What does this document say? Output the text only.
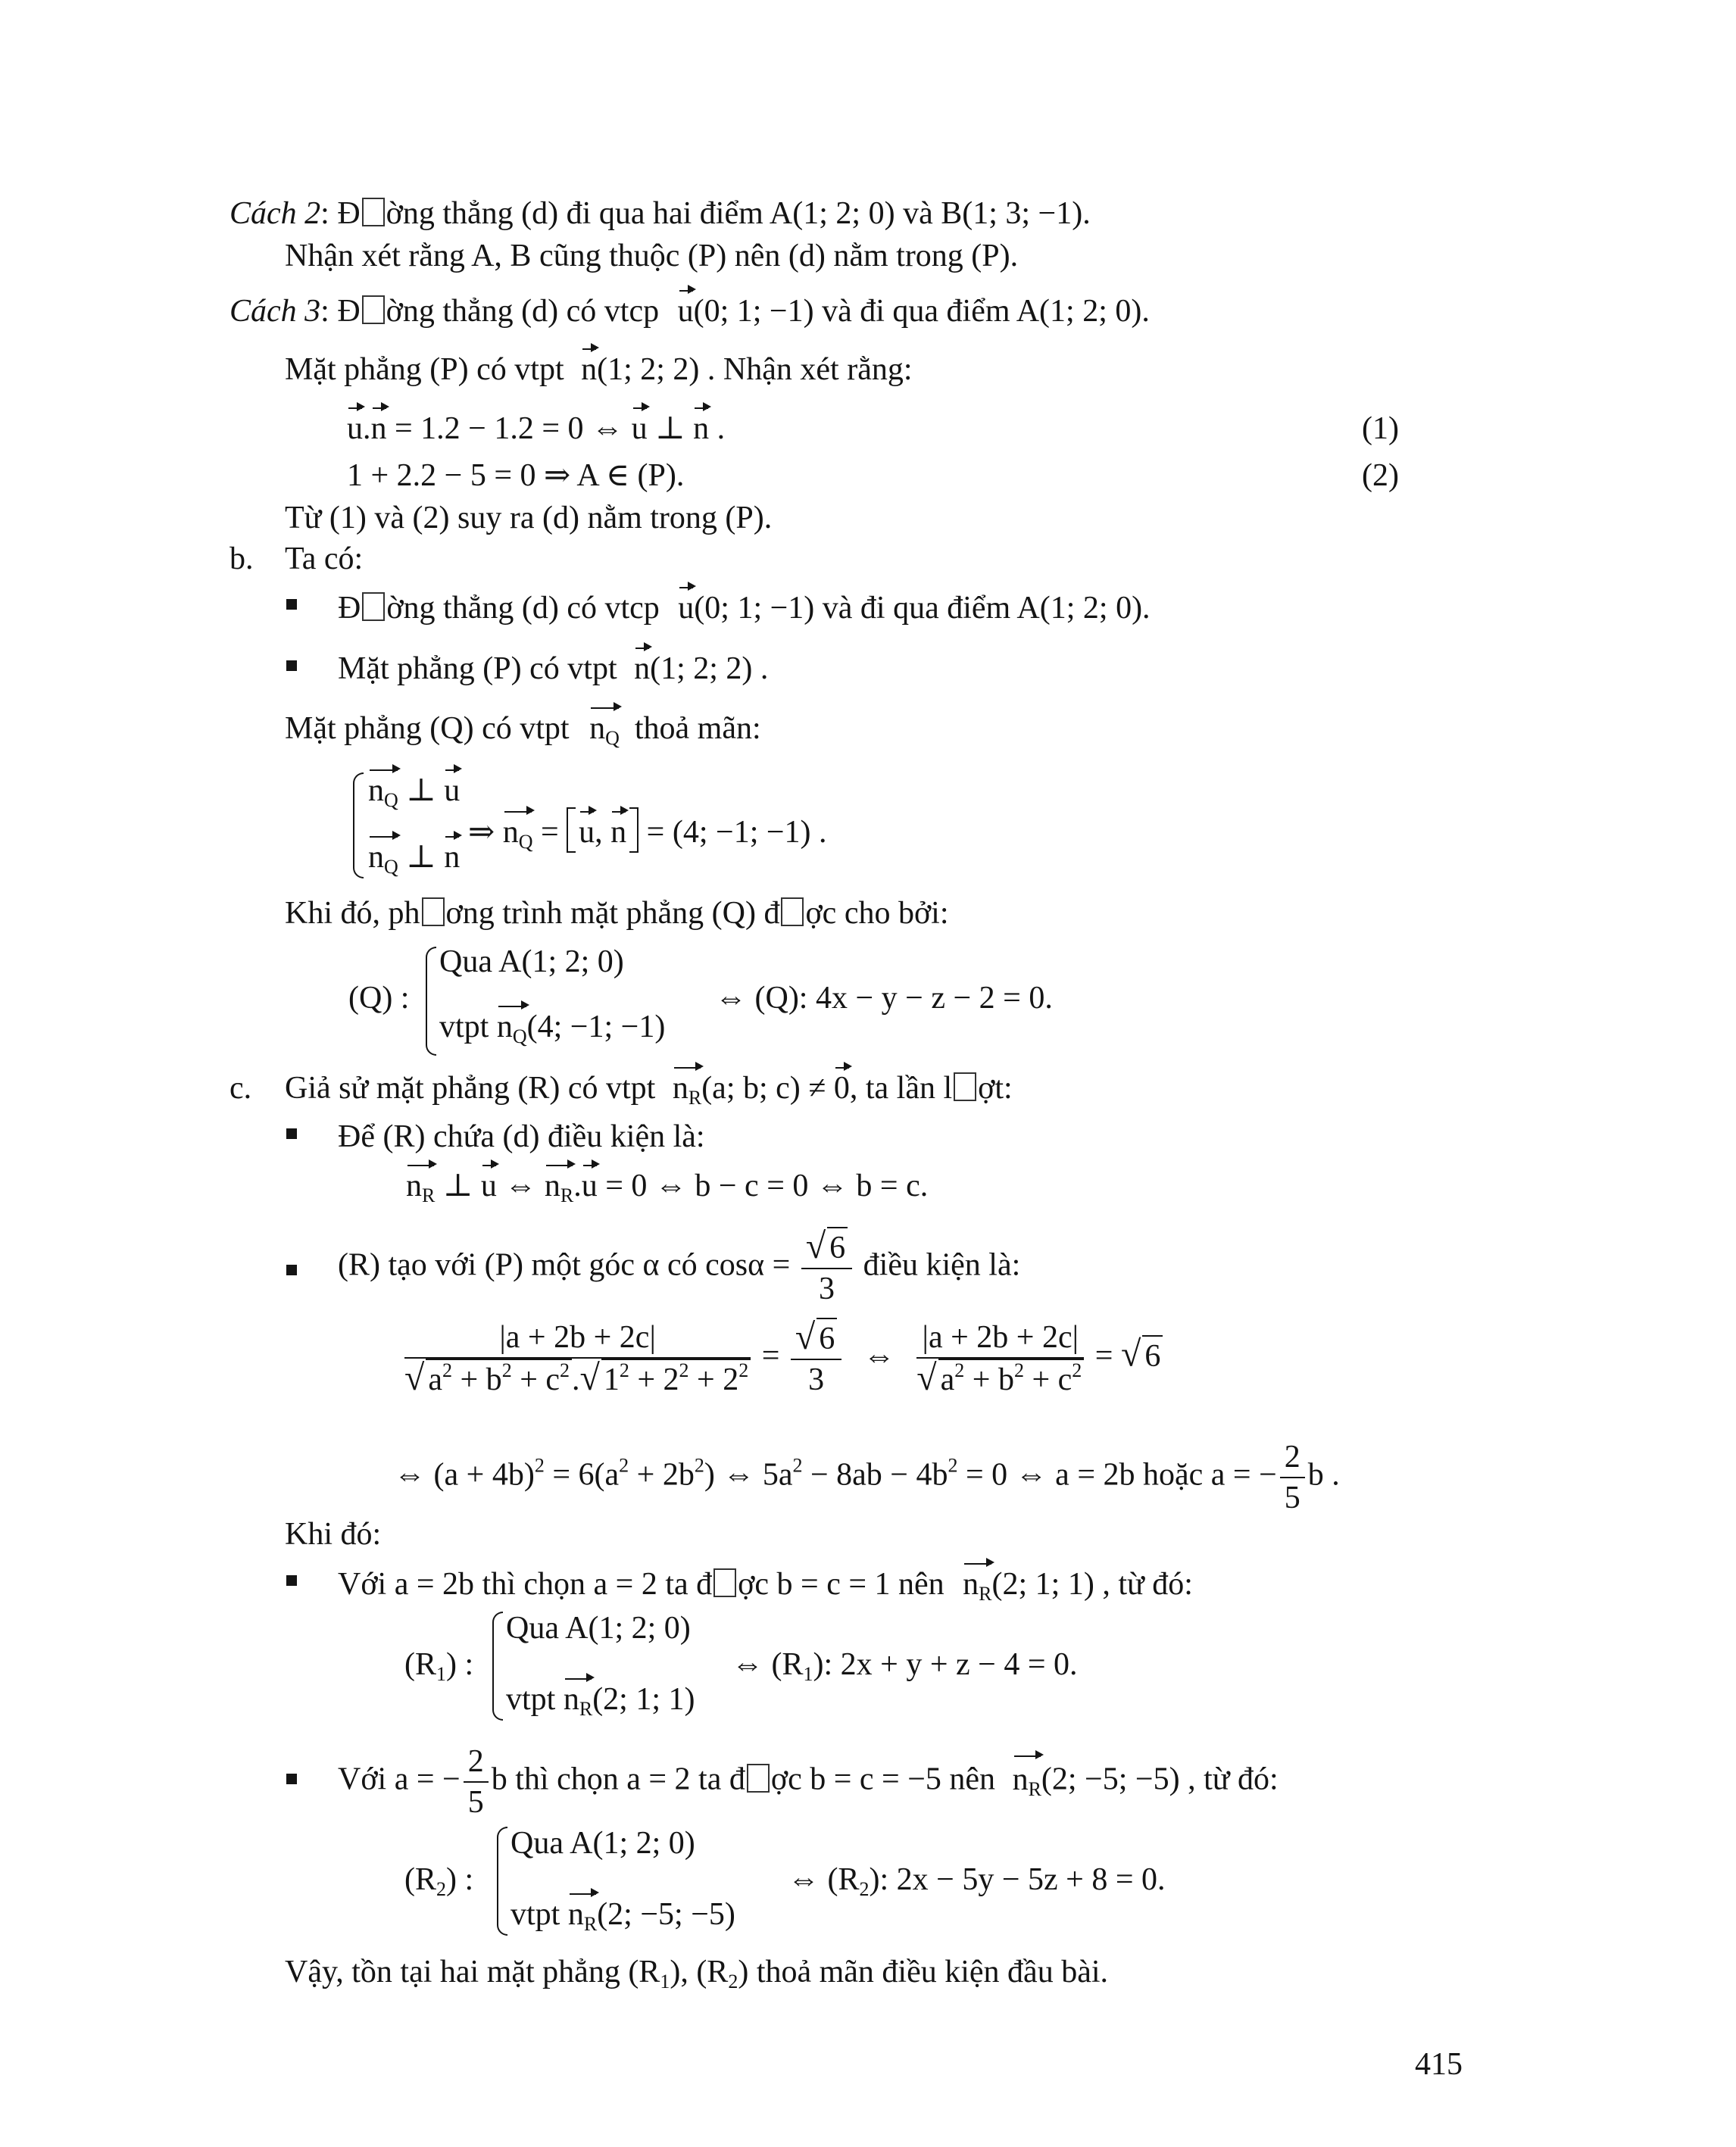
Cách 2: Đ ờng thẳng (d) đi qua hai điểm A(1; 2; 0) và B(1; 3; −1).
Nhận xét rằng A, B cũng thuộc (P) nên (d) nằm trong (P).
Cách 3: Đ ờng thẳng (d) có vtcp u(0; 1; −1) và đi qua điểm A(1; 2; 0).
Mặt phẳng (P) có vtpt n(1; 2; 2) . Nhận xét rằng:
u.n = 1.2 − 1.2 = 0 ⇔ u ⊥ n .	(1)
1 + 2.2 − 5 = 0 ⇒ A ∈ (P).	(2)
Từ (1) và (2) suy ra (d) nằm trong (P).
b. Ta có:
Đ ờng thẳng (d) có vtcp u(0; 1; −1) và đi qua điểm A(1; 2; 0).
Mặt phẳng (P) có vtpt n(1; 2; 2) .
Mặt phẳng (Q) có vtpt $n_Q$ thoả mãn:
$n_Q$ ⊥ u
⇒ $n_Q = u$, n = (4; −1; −1) .
$n_Q$ ⊥ n
Khi đó, ph ơng trình mặt phẳng (Q) đ ợc cho bởi:
Qua A(1; 2; 0)
(Q) :	⇔ (Q): 4x − y − z − 2 = 0.
vtpt $n_Q(4$; −1; −1)
c. Giả sử mặt phẳng (R) có vtpt $n_R(a$; b; c) ≠ 0, ta lần l ợt:
Để (R) chứa (d) điều kiện là:
$n_R$ ⊥ u ⇔ $n_R.u = 0$ ⇔ b − c = 0 ⇔ b = c.
(R) tạo với (P) một góc α có $\cos\alpha = \frac{√ 6}{3}$ điều kiện là:
$\frac{|a + 2b + 2c|}{√ a^2 + b^2 + c^2.√ 1^2 + 2^2 + 2^2} = \frac{√ 6}{3}$ ⇔ $\frac{|a + 2b + 2c|}{√ a^2 + b^2 + c^2}$ = √ 6
⇔ $(a + 4b)^2 = 6(a^2 + 2b^2)$ ⇔ $5a^2 - 8ab - 4b^2 = 0$ ⇔ a = 2b hoặc a = − $\frac{2}{5}$ b .
Khi đó:
Với a = 2b thì chọn a = 2 ta đ ợc b = c = 1 nên $n_R(2$; 1; 1) , từ đó:
Qua A(1; 2; 0)
$(R_1)$ :	⇔ $(R_1)$: 2x + y + z − 4 = 0.
vtpt $n_R(2$; 1; 1)
Với a = − $\frac{2}{5}$ b thì chọn a = 2 ta đ ợc b = c = −5 nên $n_R(2$; −5; −5) , từ đó:
Qua A(1; 2; 0)
$(R_2)$ :	⇔ $(R_2)$: 2x − 5y − 5z + 8 = 0.
vtpt $n_R(2$; −5; −5)
Vậy, tồn tại hai mặt phẳng $(R_1)$, $(R_2)$ thoả mãn điều kiện đầu bài.
415
